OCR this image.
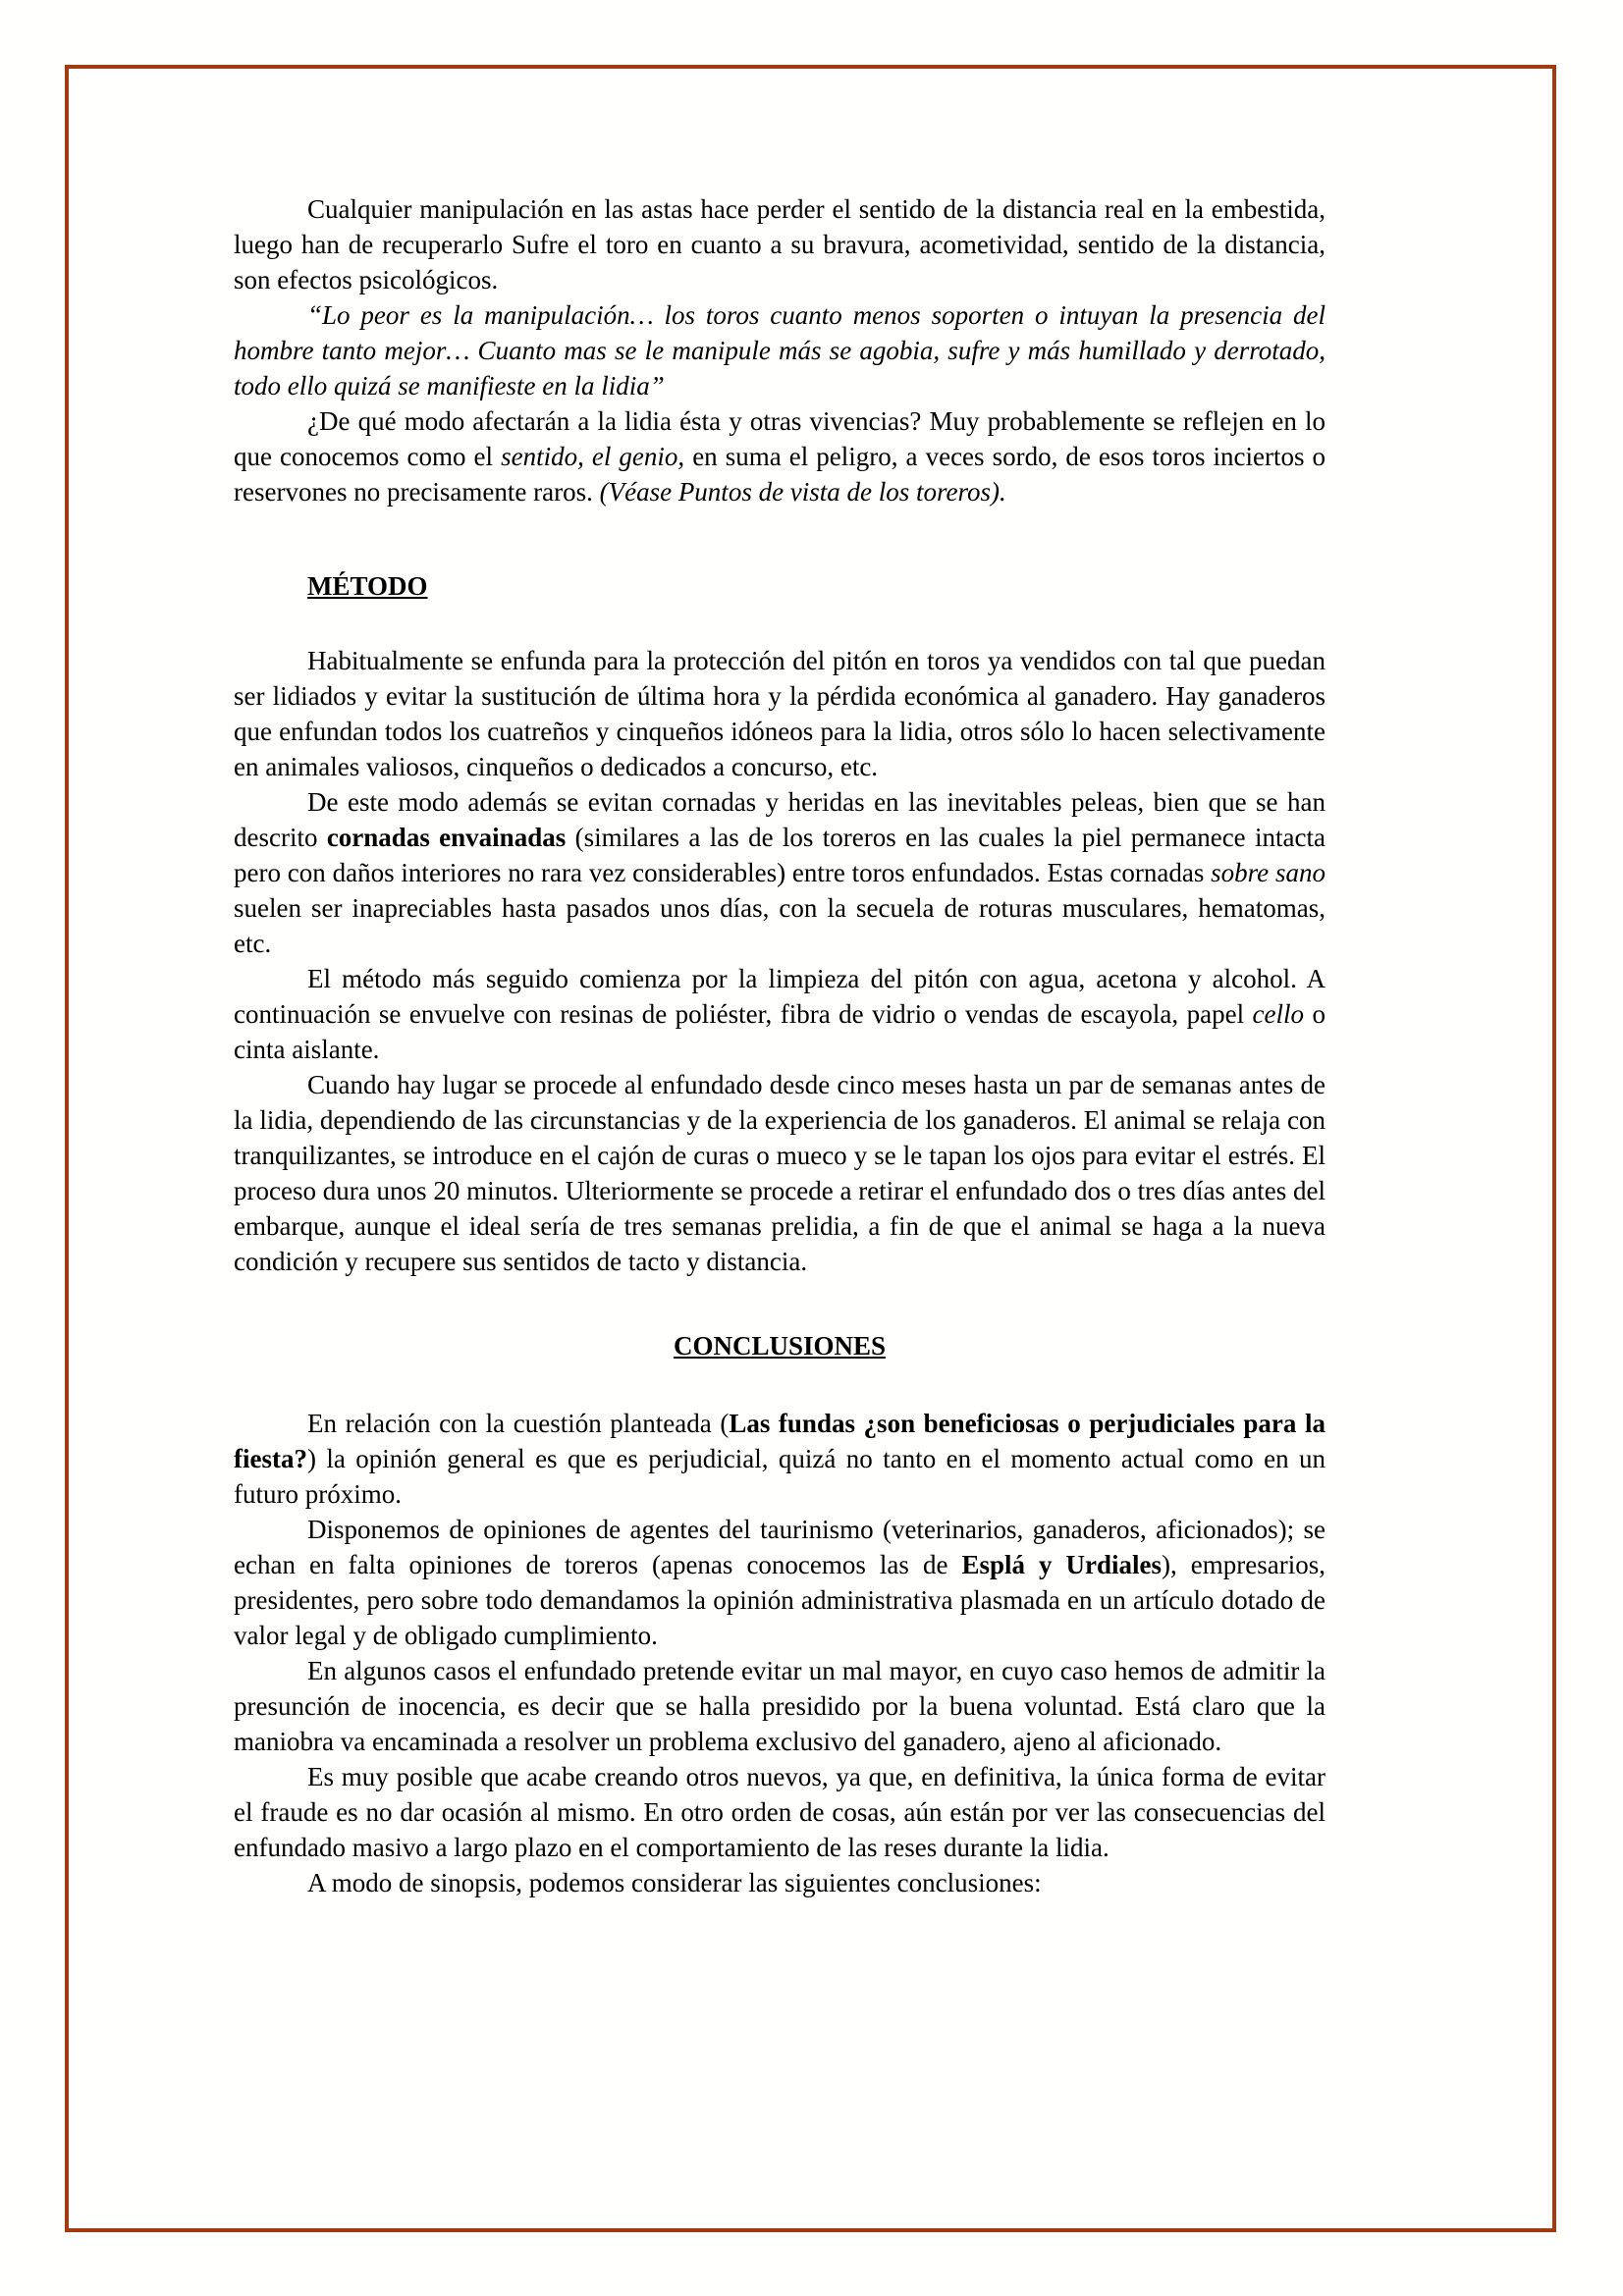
Cualquier manipulación en las astas hace perder el sentido de la distancia real en la embestida, luego han de recuperarlo Sufre el toro en cuanto a su bravura, acometividad, sentido de la distancia, son efectos psicológicos.

“Lo peor es la manipulación… los toros cuanto menos soporten o intuyan la presencia del hombre tanto mejor… Cuanto mas se le manipule más se agobia, sufre y más humillado y derrotado, todo ello quizá se manifieste en la lidia”

¿De qué modo afectarán a la lidia ésta y otras vivencias? Muy probablemente se reflejen en lo que conocemos como el sentido, el genio, en suma el peligro, a veces sordo, de esos toros inciertos o reservones no precisamente raros. (Véase Puntos de vista de los toreros).

MÉTODO

Habitualmente se enfunda para la protección del pitón en toros ya vendidos con tal que puedan ser lidiados y evitar la sustitución de última hora y la pérdida económica al ganadero. Hay ganaderos que enfundan todos los cuatreños y cinqueños idóneos para la lidia, otros sólo lo hacen selectivamente en animales valiosos, cinqueños o dedicados a concurso, etc.

De este modo además se evitan cornadas y heridas en las inevitables peleas, bien que se han descrito cornadas envainadas (similares a las de los toreros en las cuales la piel permanece intacta pero con daños interiores no rara vez considerables) entre toros enfundados. Estas cornadas sobre sano suelen ser inapreciables hasta pasados unos días, con la secuela de roturas musculares, hematomas, etc.

El método más seguido comienza por la limpieza del pitón con agua, acetona y alcohol. A continuación se envuelve con resinas de poliéster, fibra de vidrio o vendas de escayola, papel cello o cinta aislante.

Cuando hay lugar se procede al enfundado desde cinco meses hasta un par de semanas antes de la lidia, dependiendo de las circunstancias y de la experiencia de los ganaderos. El animal se relaja con tranquilizantes, se introduce en el cajón de curas o mueco y se le tapan los ojos para evitar el estrés. El proceso dura unos 20 minutos. Ulteriormente se procede a retirar el enfundado dos o tres días antes del embarque, aunque el ideal sería de tres semanas prelidia, a fin de que el animal se haga a la nueva condición y recupere sus sentidos de tacto y distancia.

CONCLUSIONES

En relación con la cuestión planteada (Las fundas ¿son beneficiosas o perjudiciales para la fiesta?) la opinión general es que es perjudicial, quizá no tanto en el momento actual como en un futuro próximo.

Disponemos de opiniones de agentes del taurinismo (veterinarios, ganaderos, aficionados); se echan en falta opiniones de toreros (apenas conocemos las de Esplá y Urdiales), empresarios, presidentes, pero sobre todo demandamos la opinión administrativa plasmada en un artículo dotado de valor legal y de obligado cumplimiento.

En algunos casos el enfundado pretende evitar un mal mayor, en cuyo caso hemos de admitir la presunción de inocencia, es decir que se halla presidido por la buena voluntad. Está claro que la maniobra va encaminada a resolver un problema exclusivo del ganadero, ajeno al aficionado.

Es muy posible que acabe creando otros nuevos, ya que, en definitiva, la única forma de evitar el fraude es no dar ocasión al mismo. En otro orden de cosas, aún están por ver las consecuencias del enfundado masivo a largo plazo en el comportamiento de las reses durante la lidia.

A modo de sinopsis, podemos considerar las siguientes conclusiones:
